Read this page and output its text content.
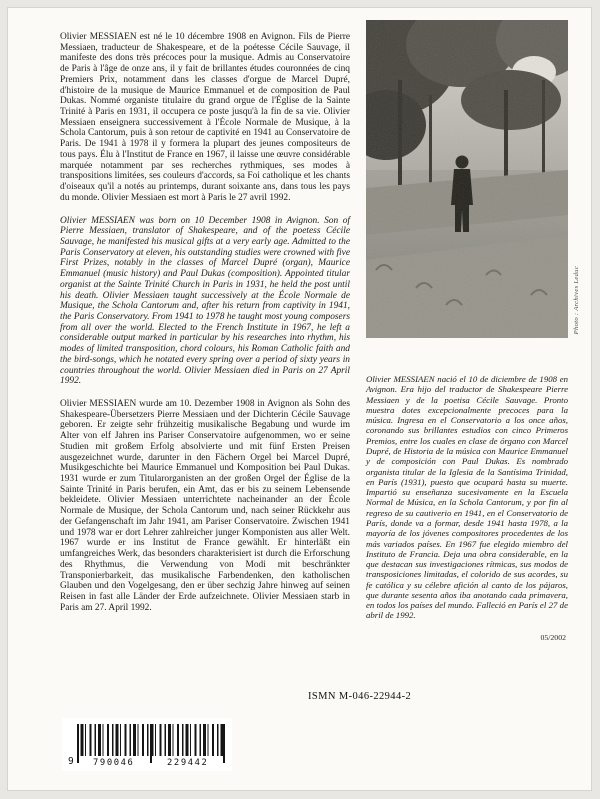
Olivier MESSIAEN est né le 10 décembre 1908 en Avignon. Fils de Pierre Messiaen, traducteur de Shakespeare, et de la poétesse Cécile Sauvage, il manifeste des dons très précoces pour la musique. Admis au Conservatoire de Paris à l'âge de onze ans, il y fait de brillantes études couronnées de cinq Premiers Prix, notamment dans les classes d'orgue de Marcel Dupré, d'histoire de la musique de Maurice Emmanuel et de composition de Paul Dukas. Nommé organiste titulaire du grand orgue de l'Église de la Sainte Trinité à Paris en 1931, il occupera ce poste jusqu'à la fin de sa vie. Olivier Messiaen enseignera successivement à l'École Normale de Musique, à la Schola Cantorum, puis à son retour de captivité en 1941 au Conservatoire de Paris. De 1941 à 1978 il y formera la plupart des jeunes compositeurs de tous pays. Élu à l'Institut de France en 1967, il laisse une œuvre considérable marquée notamment par ses recherches rythmiques, ses modes à transpositions limitées, ses couleurs d'accords, sa Foi catholique et les chants d'oiseaux qu'il a notés au printemps, durant soixante ans, dans tous les pays du monde. Olivier Messiaen est mort à Paris le 27 avril 1992.

Olivier MESSIAEN was born on 10 December 1908 in Avignon. Son of Pierre Messiaen, translator of Shakespeare, and of the poetess Cécile Sauvage, he manifested his musical gifts at a very early age. Admitted to the Paris Conservatory at eleven, his outstanding studies were crowned with five First Prizes, notably in the classes of Marcel Dupré (organ), Maurice Emmanuel (music history) and Paul Dukas (composition). Appointed titular organist at the Sainte Trinité Church in Paris in 1931, he held the post until his death. Olivier Messiaen taught successively at the École Normale de Musique, the Schola Cantorum and, after his return from captivity in 1941, the Paris Conservatory. From 1941 to 1978 he taught most young composers from all over the world. Elected to the French Institute in 1967, he left a considerable output marked in particular by his researches into rhythm, his modes of limited transposition, chord colours, his Roman Catholic faith and the bird-songs, which he notated every spring over a period of sixty years in countries throughout the world. Olivier Messiaen died in Paris on 27 April 1992.

Olivier MESSIAEN wurde am 10. Dezember 1908 in Avignon als Sohn des Shakespeare-Übersetzers Pierre Messiaen und der Dichterin Cécile Sauvage geboren. Er zeigte sehr frühzeitig musikalische Begabung und wurde im Alter von elf Jahren ins Pariser Conservatoire aufgenommen, wo er seine Studien mit großem Erfolg absolvierte und mit fünf Ersten Preisen ausgezeichnet wurde, darunter in den Fächern Orgel bei Marcel Dupré, Musikgeschichte bei Maurice Emmanuel und Komposition bei Paul Dukas. 1931 wurde er zum Titularorganisten an der großen Orgel der Église de la Sainte Trinité in Paris berufen, ein Amt, das er bis zu seinem Lebensende bekleidete. Olivier Messiaen unterrichtete nacheinander an der École Normale de Musique, der Schola Cantorum und, nach seiner Rückkehr aus der Gefangenschaft im Jahr 1941, am Pariser Conservatoire. Zwischen 1941 und 1978 war er dort Lehrer zahlreicher junger Komponisten aus aller Welt. 1967 wurde er ins Institut de France gewählt. Er hinterläßt ein umfangreiches Werk, das besonders charakterisiert ist durch die Erforschung des Rhythmus, die Verwendung von Modi mit beschränkter Transponierbarkeit, das musikalische Farbendenken, den katholischen Glauben und den Vogelgesang, den er über sechzig Jahre hinweg auf seinen Reisen in fast alle Länder der Erde aufzeichnete. Olivier Messiaen starb in Paris am 27. April 1992.

Photo : Archives Leduc

Olivier MESSIAEN nació el 10 de diciembre de 1908 en Avignon. Era hijo del traductor de Shakespeare Pierre Messiaen y de la poetisa Cécile Sauvage. Pronto muestra dotes excepcionalmente precoces para la música. Ingresa en el Conservatorio a los once años, coronando sus brillantes estudios con cinco Primeros Premios, entre los cuales en clase de órgano con Marcel Dupré, de Historia de la música con Maurice Emmanuel y de composición con Paul Dukas. Es nombrado organista titular de la Iglesia de la Santísima Trinidad, en París (1931), puesto que ocupará hasta su muerte. Impartió su enseñanza sucesivamente en la Escuela Normal de Música, en la Schola Cantorum, y por fin al regreso de su cautiverio en 1941, en el Conservatorio de París, donde va a formar, desde 1941 hasta 1978, a la mayoría de los jóvenes compositores procedentes de los más variados países. En 1967 fue elegido miembro del Instituto de Francia. Deja una obra considerable, en la que destacan sus investigaciones rítmicas, sus modos de transposiciones limitadas, el colorido de sus acordes, su fe católica y su célebre afición al canto de los pájaros, que durante sesenta años iba anotando cada primavera, en todos los países del mundo. Falleció en París el 27 de abril de 1992.

05/2002
ISMN M-046-22944-2
9	790046	229442
